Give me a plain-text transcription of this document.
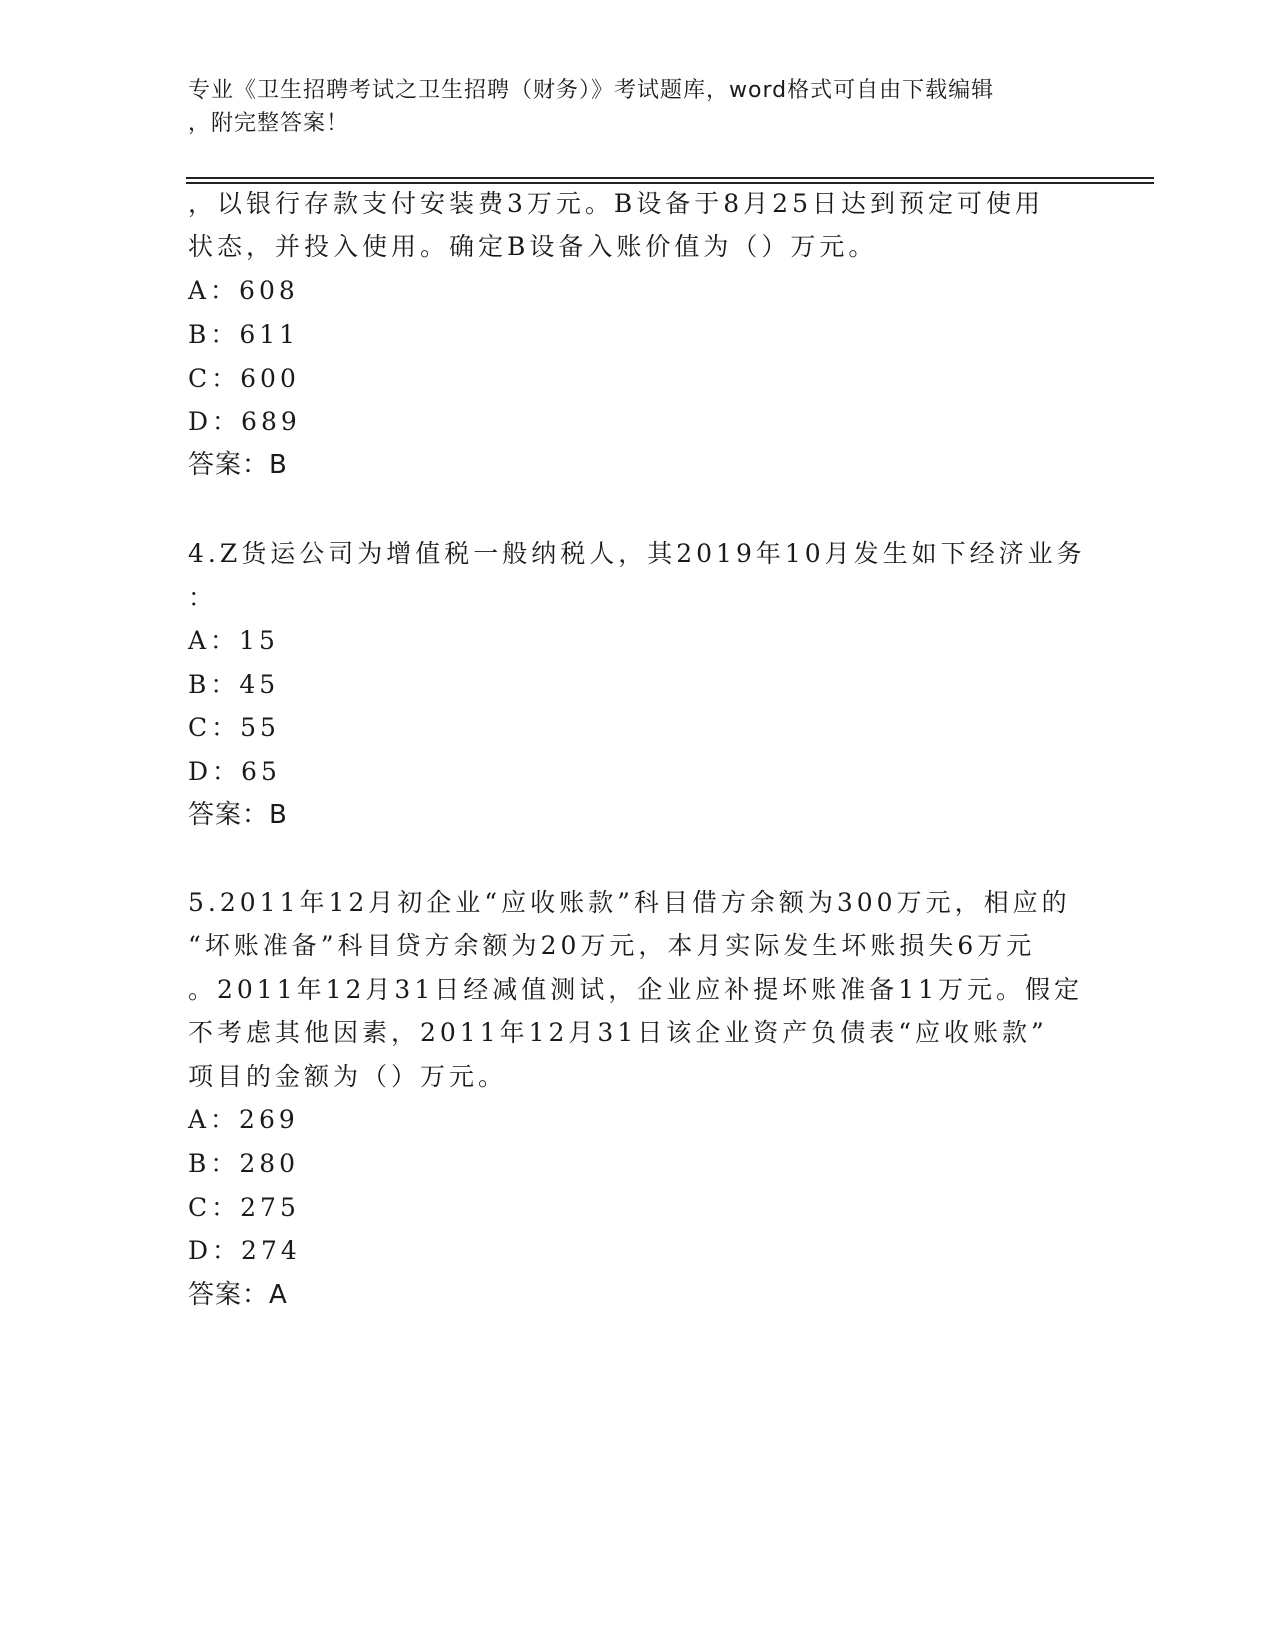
专业《卫生招聘考试之卫生招聘（财务）》考试题库，word格式可自由下载编辑
，附完整答案！
，以银行存款支付安装费3万元。B设备于8月25日达到预定可使用
状态，并投入使用。确定B设备入账价值为（）万元。
A：608
B：611
C：600
D：689
答案：B
4.Z货运公司为增值税一般纳税人，其2019年10月发生如下经济业务
：
A：15
B：45
C：55
D：65
答案：B
5.2011年12月初企业“应收账款”科目借方余额为300万元，相应的
“坏账准备”科目贷方余额为20万元，本月实际发生坏账损失6万元
。2011年12月31日经减值测试，企业应补提坏账准备11万元。假定
不考虑其他因素，2011年12月31日该企业资产负债表“应收账款”
项目的金额为（）万元。
A：269
B：280
C：275
D：274
答案：A
